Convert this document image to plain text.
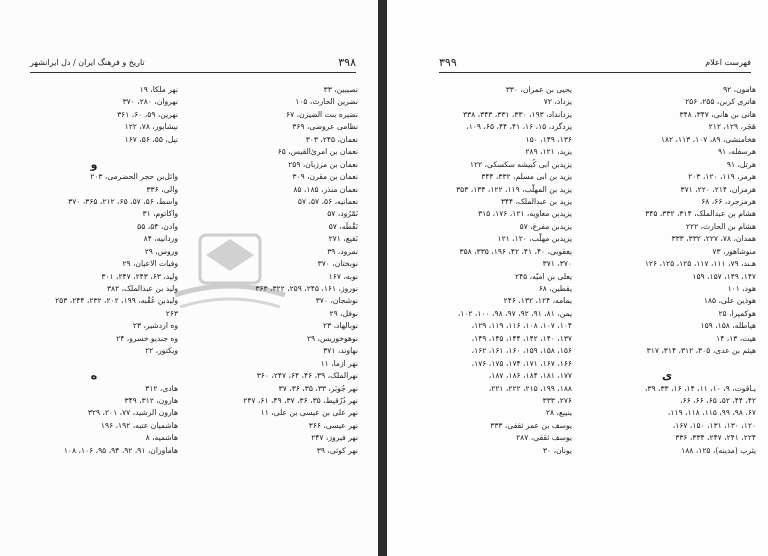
۳۹۸
تاریخ و فرهنگ ایران / دل ایرانشهر
نصیبین، ۳۳
نضرین الحارث، ۱۰۵
نضیره بنت الضیزن، ۶۷
نظامی عروضی، ۳۶۹
نعمان، ۲۴۵، ۳۰۳
نعمان بن امرئ‌القیس، ۶۵
نعمان بن مرزبان، ۲۵۹
نعمان بن مقرن، ۳۰۹
نعمان منذر، ۱۸۵، ۸۵
نعمانیه، ۵۶، ۵۷، ۵۷
نَمْرُود، ۵۷
نَقْطَه، ۵۷
نَفیع، ۲۷۱
نمرود، ۳۹
نوبختان، ۳۷۰
نوبه، ۱۶۷
نوروز، ۱۶۱، ۲۴۵، ۲۵۹، ۳۲۲، ۳۶۳
نوشجان، ۳۷۰
نوفل، ۲۹
نوبالهاد، ۲۳
نوهوخوریس، ۲۹
نهاوند، ۳۷۱
نهر ازما، ۱۱
نهرالملک، ۳۹، ۴۶، ۶۴، ۲۴۷، ۳۶۰
نهر جُوبَر، ۳۳، ۳۵، ۳۶، ۳۷
نهر دُرُقیط، ۳۵، ۳۶، ۳۷، ۴۹، ۶۱، ۲۴۷
نهر علی بن عیسی بن علی، ۱۱
نهر عیسی، ۳۶۶
نهر فیروز، ۲۴۷
نهر کوثی، ۳۹
نهر ملکا، ۱۹
نهروان، ۲۸۰، ۳۷۰
نهرین، ۵۹، ۶۰، ۳۶۱
نیشابور، ۷۸، ۱۲۲
نیل، ۵۵، ۵۶، ۱۶۷
و
وائل‌بن حجر الحضرمی، ۲۰۳
والی، ۳۳۶
واسط، ۵۶، ۵۷، ۶۵، ۲۱۲، ۳۶۵، ۳۷۰
واکاتوم، ۳۱
وادن، ۵۴، ۵۵
وردانیه، ۸۴
وروس، ۲۹
وفیات الاعیان، ۲۹
ولید، ۶۳، ۲۴۳، ۲۴۷، ۳۰۱
ولید بن عبدالملک، ۳۸۲
ولیدبن عُقْبه، ۱۹۹، ۲۰۲، ۲۳۲، ۲۴۴، ۲۵۳
۲۶۳
وه اردشیر، ۲۳
وه جندیو خسرو، ۲۴
ویکتور، ۲۲
ه
هادی، ۳۱۲
هارون، ۳۱۲، ۳۴۹
هارون الرشید، ۷۷، ۲۰۱، ۳۲۹
هاشمیان عتبه، ۱۹۲، ۱۹۶
هاشمیه، ۸
هاماوران، ۹۱، ۹۲، ۹۴، ۹۵، ۱۰۶، ۱۰۸
۳۹۹	فهرست اعلام
هامون، ۹۲
هاتری کربن، ۲۵۵، ۲۵۶
هانی بن هانی، ۳۴۷، ۳۴۸
هَجَر، ۱۲۹، ۲۱۲
هخامنشی، ۸۹، ۱۰۷، ۱۱۳، ۱۸۲
هرسفله، ۹۱
هرتل، ۹۱
هرمز، ۱۱۹، ۱۲۰، ۲۰۳
هرمزان، ۲۱۴، ۲۲۰، ۳۷۱
هرمزجرد، ۶۶، ۶۸
هشام بن عبدالملک، ۳۱۴، ۳۳۲، ۳۴۵
هشام بن الحارث، ۲۲۲
همدان، ۷۸، ۲۲۷، ۳۳۲، ۳۳۳
منوشاهور، ۷۳
هـند، ۷۹، ۱۱۱، ۱۱۷، ۱۲۵، ۱۲۵، ۱۲۶
۱۴۷، ۱۴۹، ۱۵۷، ۱۵۹
هود، ۱۰۱
هوذین علی، ۱۸۵
هوکمپرا، ۲۵
هیاطله، ۱۵۸، ۱۵۹
هیت، ۱۳، ۱۴
هیثم بن عدی، ۳۰۵، ۳۱۲، ۳۱۴، ۳۱۷
ی
یـاقوت، ۹، ۱۰، ۱۱، ۱۴، ۱۶، ۳۳، ۳۹،
۴۲، ۴۴، ۵۲، ۶۵، ۶۶، ۶۶،
۶۷، ۹۸، ۹۹، ۱۱۵، ۱۱۸، ۱۱۹،
۱۲۰، ۱۳۰، ۱۳۱، ۱۵۰، ۱۶۷،
۲۲۴، ۲۴۱، ۲۴۷، ۳۳۴، ۳۳۶
یثرب (مدینه)، ۱۲۵، ۱۸۸
یحیی بن عمران، ۳۳۰
یزداد، ۷۲
یزدانداد، ۱۹۳، ۳۳۰، ۳۳۱، ۳۴۳، ۳۳۸
یزدگرد، ۱۵، ۱۶، ۴۱، ۴۴، ۶۵، ۱۰۹،
۱۳۶، ۱۴۹، ۱۵۰
یزید، ۱۲۱، ۲۸۹
یزیدبن ابی کُبیشه سکسکی، ۱۲۲
یزید بن ابی مسلم، ۳۳۲، ۳۴۴
یزید بن المهلّب، ۱۱۹، ۱۲۲، ۱۳۴، ۳۵۳
یزید بن عبدالملک، ۳۴۴
یزیدبن معاویه، ۱۲۱، ۱۷۶، ۳۱۵
یزیدبن مفرغ، ۵۷
یزیدبن مهلّب، ۱۲۰، ۱۲۱
یعقوبی، ۴۰، ۴۱، ۴۲، ۱۹۶، ۳۳۵، ۳۵۸
۳۷۰، ۳۷۱
یعلی بن امیّه، ۲۴۵
یقطین، ۶۸
یمامه، ۱۲۴، ۱۳۲، ۲۴۶
یمن، ۸۱، ۹۱، ۹۲، ۹۷، ۹۸، ۱۰۰، ۱۰۲،
۱۰۴، ۱۰۷، ۱۰۸، ۱۱۶، ۱۱۹، ۱۲۹،
۱۳۷، ۱۴۰، ۱۴۲، ۱۴۴، ۱۴۵، ۱۴۹،
۱۵۶، ۱۵۸، ۱۵۹، ۱۶۰، ۱۶۱، ۱۶۲،
۱۶۶، ۱۶۷، ۱۷۱، ۱۷۴، ۱۷۵، ۱۷۶،
۱۷۷، ۱۸۱، ۱۸۴، ۱۸۶، ۱۸۷،
۱۸۸، ۱۹۹، ۲۱۵، ۲۲۲، ۲۲۱،
۲۷۶، ۳۳۳
ینیبع، ۲۸
یوسف بن عمر ثقفی، ۳۳۳
یوسف ثقفی، ۲۸۷
یونان، ۳۰
